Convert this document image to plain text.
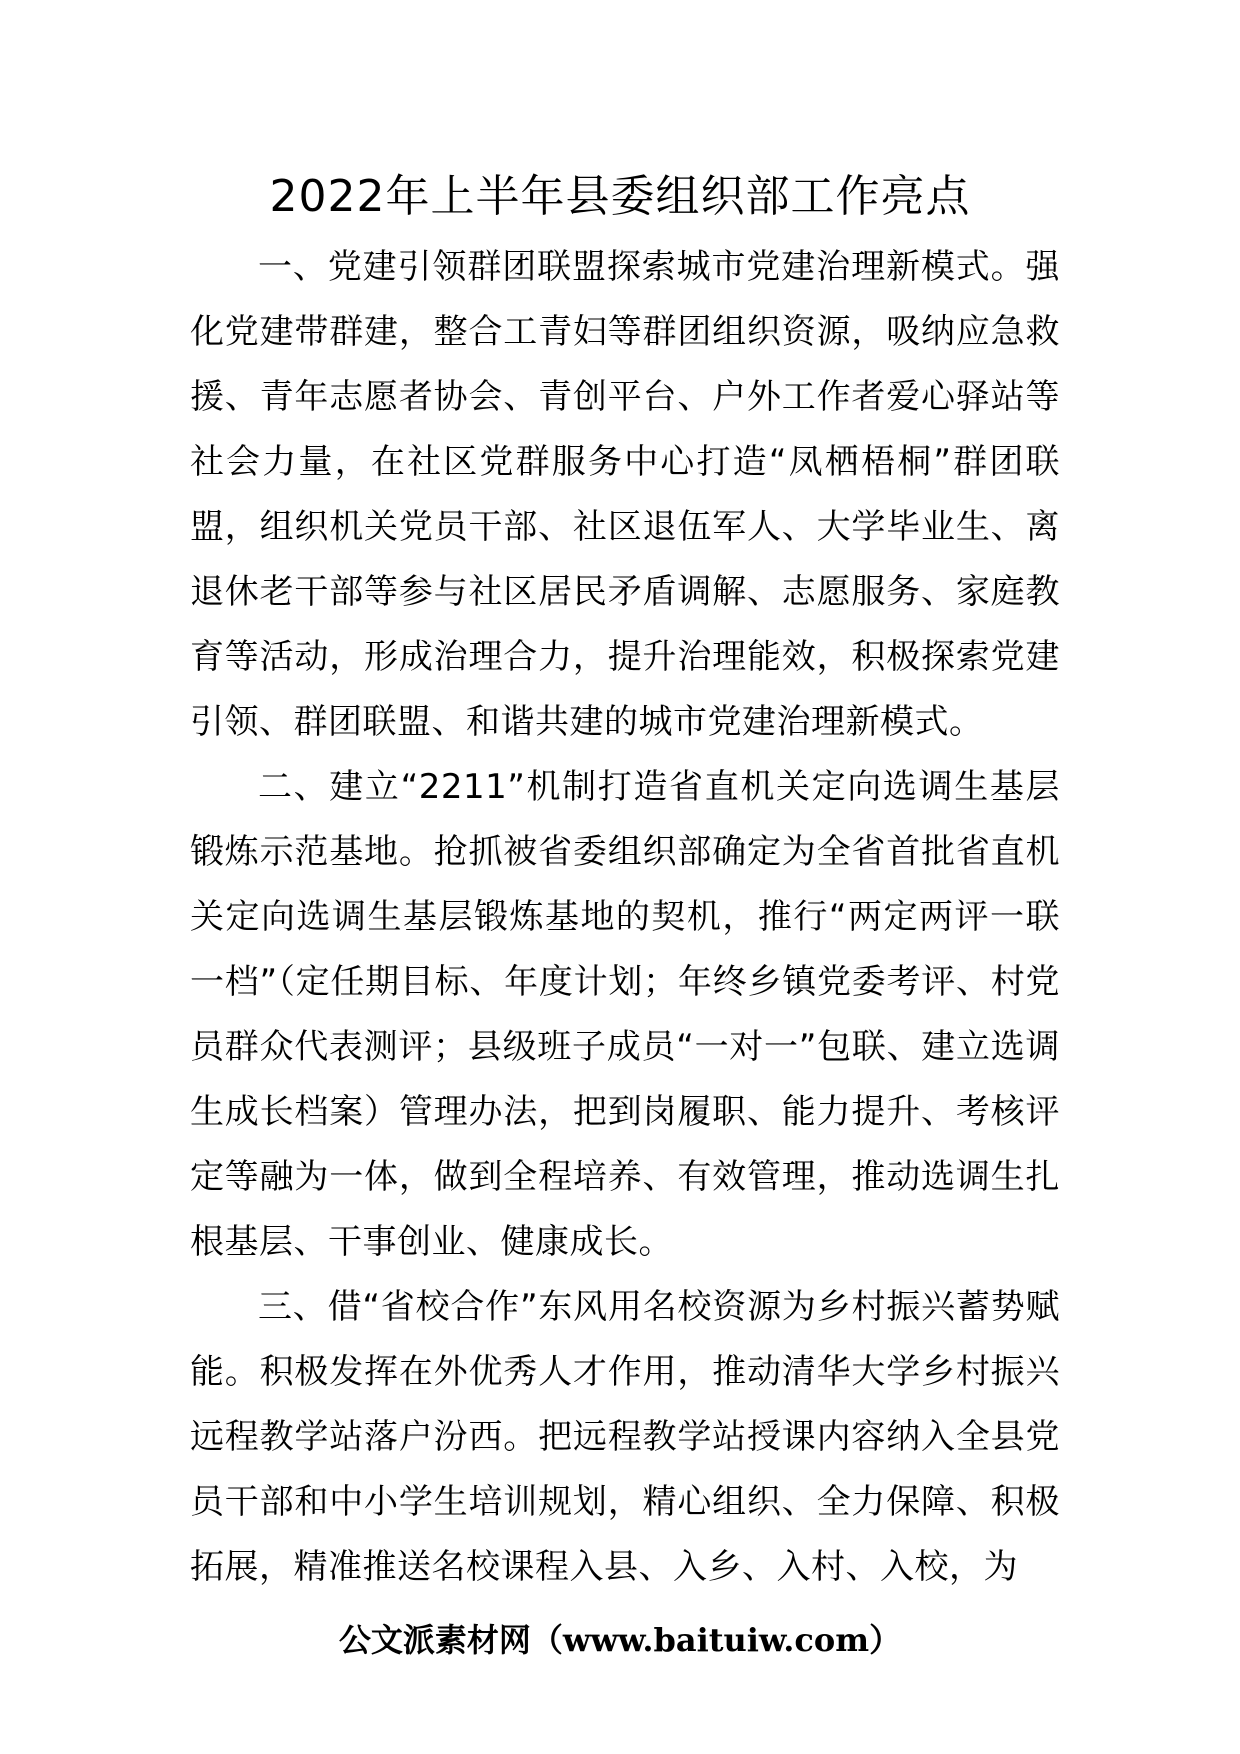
2022年上半年县委组织部工作亮点

一、党建引领群团联盟探索城市党建治理新模式。强化党建带群建，整合工青妇等群团组织资源，吸纳应急救援、青年志愿者协会、青创平台、户外工作者爱心驿站等社会力量，在社区党群服务中心打造“凤栖梧桐”群团联盟，组织机关党员干部、社区退伍军人、大学毕业生、离退休老干部等参与社区居民矛盾调解、志愿服务、家庭教育等活动，形成治理合力，提升治理能效，积极探索党建引领、群团联盟、和谐共建的城市党建治理新模式。

二、建立“2211”机制打造省直机关定向选调生基层锻炼示范基地。抢抓被省委组织部确定为全省首批省直机关定向选调生基层锻炼基地的契机，推行“两定两评一联一档”（定任期目标、年度计划；年终乡镇党委考评、村党员群众代表测评；县级班子成员“一对一”包联、建立选调生成长档案）管理办法，把到岗履职、能力提升、考核评定等融为一体，做到全程培养、有效管理，推动选调生扎根基层、干事创业、健康成长。

三、借“省校合作”东风用名校资源为乡村振兴蓄势赋能。积极发挥在外优秀人才作用，推动清华大学乡村振兴远程教学站落户汾西。把远程教学站授课内容纳入全县党员干部和中小学生培训规划，精心组织、全力保障、积极拓展，精准推送名校课程入县、入乡、入村、入校，为

公文派素材网（www.baituiw.com）
